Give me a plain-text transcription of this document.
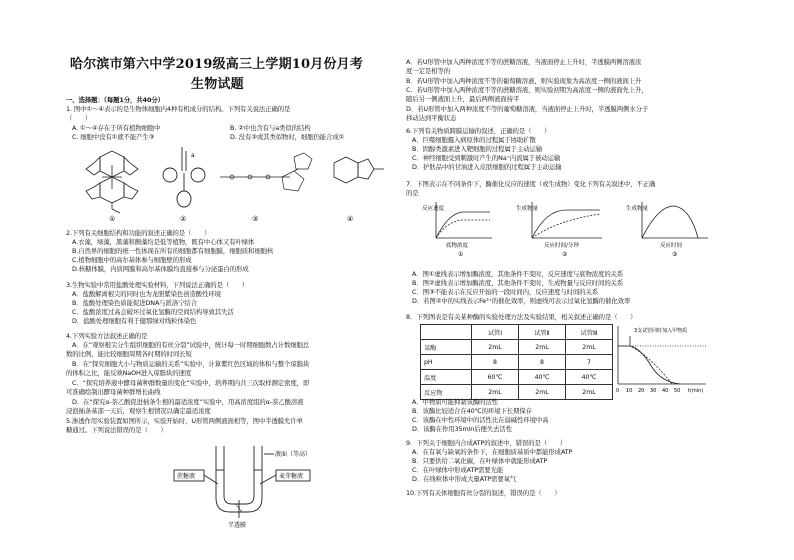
哈尔滨市第六中学2019级高三上学期10月份月考
生物试题
一、选择题：（每题1分，共40分）
1. 图中①～④表示的是生物体细胞内4种有机成分的结构。下列有关说法正确的是
（　　）
A. ①～④存在于所有植物细胞中	B. ②中也含有与a类似的结构
C. 细胞中没有①就不能产生③	D. 没有③或其类似物时，细胞仍能合成①
①
a
②	③	④
2.下列有关细胞结构和功能的叙述正确的是（　　）
A.衣藻，绿藻，黑藻和颤藻均是低等植物，既有中心体又有叶绿体
B.自然界的细胞的统一性体现在所有的细胞都有细胞膜，细胞质和细胞核
C.植物细胞中的高尔基体参与细胞壁的形成
D.核糖体膜，内质网膜和高尔基体膜均直接参与分泌蛋白的形成
3.生物实验中常用盐酸处理实验材料，下列说法正确的是（　　）
A．盐酸解离根尖的同时也为龙胆紫染色创造酸性环境
B．盐酸处理染色质能促进DNA与派洛宁结合
C．盐酸浓度过高会破坏过氧化氢酶的空间结构导致其失活
D．盐酸处理细胞有利于健那绿对线粒体染色
4.下列实验方法叙述正确的是
A．在“观察根尖分生组织细胞的有丝分裂”试验中，统计每一时期细胞数占计数细胞总
数的比例，能比较细胞周期各时期的时间长短
B．在“探究细胞大小与物质运输的关系”实验中，计算紫红色区域的体积与整个琼脂块
的体积之比，能反映NaOH进入琼脂块的速度
C．“探究培养液中酵母菌种群数量的变化”实验中，培养期内共三次取样测定密度，即
可准确绘制出酵母菌种群增长曲线
D．在“探究α-萘乙酸促进插条生根的最适浓度”实验中，用高浓度组的α-萘乙酸溶液
浸泡插条基部一天后，观察生根情况以确定最适浓度
5.渗透作用实验装置如图所示，实验开始时，U形管两侧液面相等，图中半透膜允许单
糖通过。下列说法错误的是（　　）
蔗糖液	麦芽糖液
液面（等高）
半透膜
A．若U形管中加入两种浓度不等的蔗糖溶液，当液面停止上升时，半透膜两侧溶液浓
度一定是相等的
B．若U形管中加入两种浓度不等的葡萄糖溶液，则实验现象为高浓度一侧的液面上升
C．若U形管中加入两种浓度不等的蔗糖溶液，则实验初期为高浓度一侧的液面先上升，
随后另一侧液面上升，最后两侧液面持平
D．若U形管中加入两种浓度不等的葡萄糖溶液，当液面停止上升时，半透膜两侧水分子
移动达到平衡状态
6.下列有关物质跨膜运输的叙述，正确的是（　　）
A．巨噬细胞摄入病原体的过程属于协助扩散
B．固醇类激素进入靶细胞的过程属于主动运输
C．神经细胞受到刺激时产生的Na⁺内流属于被动运输
D．护肤品中的甘油进入皮肤细胞的过程属于主动运输
7．下图表示在不同条件下，酶催化反应的速度（或生成物）变化下列有关叙述中，不正确
的是
反应速度
底物浓度
①
生成物量
反应时间/分钟
②
生成物量
反应时间
③
A．图①虚线表示增加酶浓度，其他条件不变时，反应速度与底物浓度的关系
B．图②虚线表示增加酶浓度，其他条件不变时，生成物量与反应时间的关系
C．图③不能表示在反应开始的一段时间内，反应速度与时间的关系
D．若图②中的实线表示Fe³⁺的催化效率，则虚线可表示过氧化氢酶的催化效率
8．下列图表是有关某种酶的实验处理方法及实验结果，相关叙述正确的是（　　）
	试管Ⅰ	试管Ⅱ	试管Ⅲ
某酶	2mL	2mL	2mL
pH	8	8	7
温度	60℃	40℃	40℃
反应物	2mL	2mL	2mL
3支试管同时加入甲物质
0 10 20 30 40 50 t(min)
A．甲物质可能抑制该酶的活性
B．该酶比较适合在40℃的环境下长期保存
C．该酶在中性环境中的活性比在弱碱性环境中高
D．该酶在作用35min后便失去活性
9．下列关于细胞内合成ATP的叙述中，错误的是（　　）
A．在有氧与缺氧的条件下，在细胞质基质中都能形成ATP
B．只要供给二氧化碳，在叶绿体中就能形成ATP
C．在叶绿体中形成ATP需要光能
D．在线粒体中形成大量ATP需要氧气
10.下列有关体细胞有丝分裂的叙述，错误的是（　　）
